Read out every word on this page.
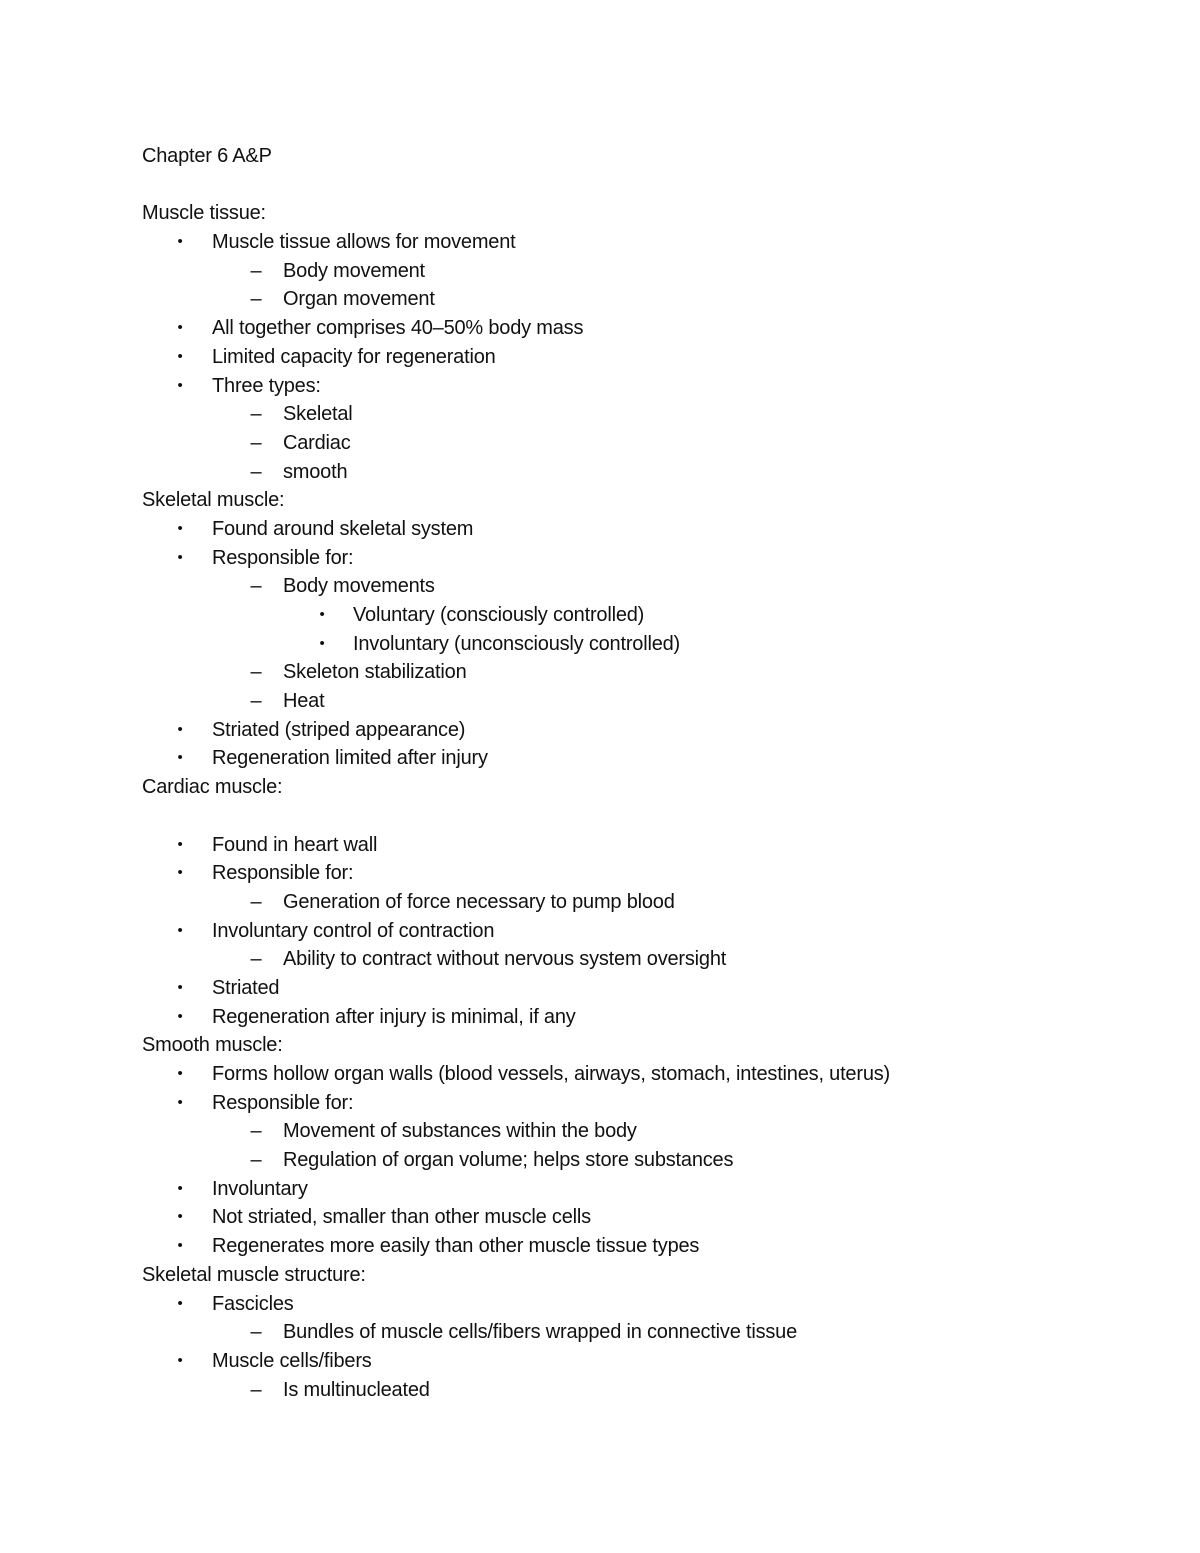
Chapter 6 A&P
Muscle tissue:
•	Muscle tissue allows for movement
– Body movement
– Organ movement
•	All together comprises 40–50% body mass
•	Limited capacity for regeneration
•	Three types:
– Skeletal
– Cardiac
– smooth
Skeletal muscle:
•	Found around skeletal system
•	Responsible for:
– Body movements
•	Voluntary (consciously controlled)
•	Involuntary (unconsciously controlled)
– Skeleton stabilization
– Heat
•	Striated (striped appearance)
•	Regeneration limited after injury
Cardiac muscle:
•	Found in heart wall
•	Responsible for:
– Generation of force necessary to pump blood
•	Involuntary control of contraction
– Ability to contract without nervous system oversight
•	Striated
•	Regeneration after injury is minimal, if any
Smooth muscle:
•	Forms hollow organ walls (blood vessels, airways, stomach, intestines, uterus)
•	Responsible for:
– Movement of substances within the body
– Regulation of organ volume; helps store substances
•	Involuntary
•	Not striated, smaller than other muscle cells
•	Regenerates more easily than other muscle tissue types
Skeletal muscle structure:
•	Fascicles
– Bundles of muscle cells/fibers wrapped in connective tissue
•	Muscle cells/fibers
– Is multinucleated
